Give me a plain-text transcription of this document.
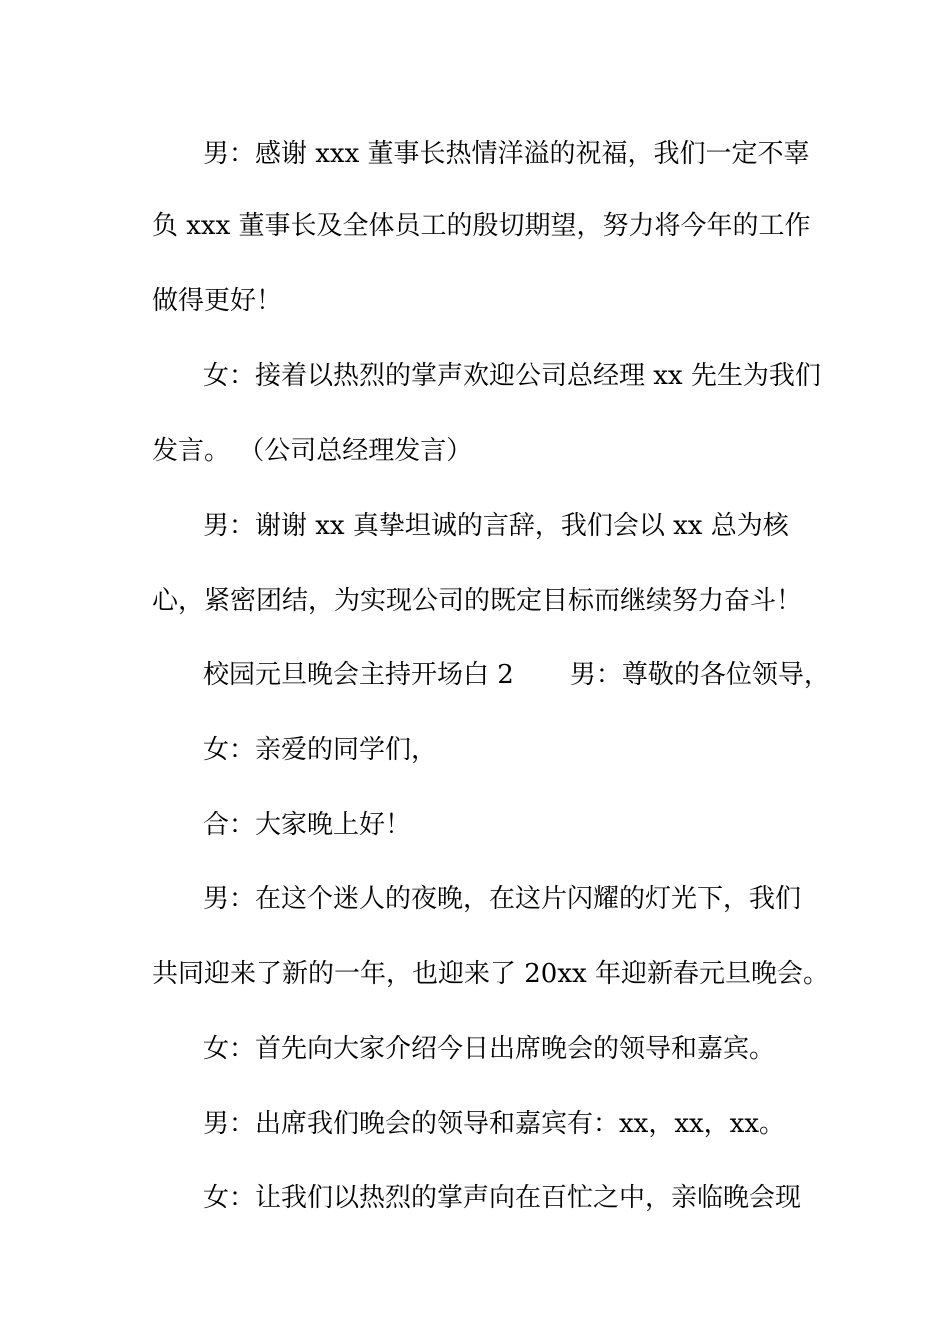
男：感谢 xxx 董事长热情洋溢的祝福，我们一定不辜
负 xxx 董事长及全体员工的殷切期望，努力将今年的工作
做得更好！
女：接着以热烈的掌声欢迎公司总经理 xx 先生为我们
发言。 （公司总经理发言）
男：谢谢 xx 真挚坦诚的言辞，我们会以 xx 总为核
心，紧密团结，为实现公司的既定目标而继续努力奋斗！
校园元旦晚会主持开场白 2 男：尊敬的各位领导，
女：亲爱的同学们，
合：大家晚上好！
男：在这个迷人的夜晚，在这片闪耀的灯光下，我们
共同迎来了新的一年，也迎来了 20xx 年迎新春元旦晚会。
女：首先向大家介绍今日出席晚会的领导和嘉宾。
男：出席我们晚会的领导和嘉宾有：xx，xx，xx。
女：让我们以热烈的掌声向在百忙之中，亲临晚会现
